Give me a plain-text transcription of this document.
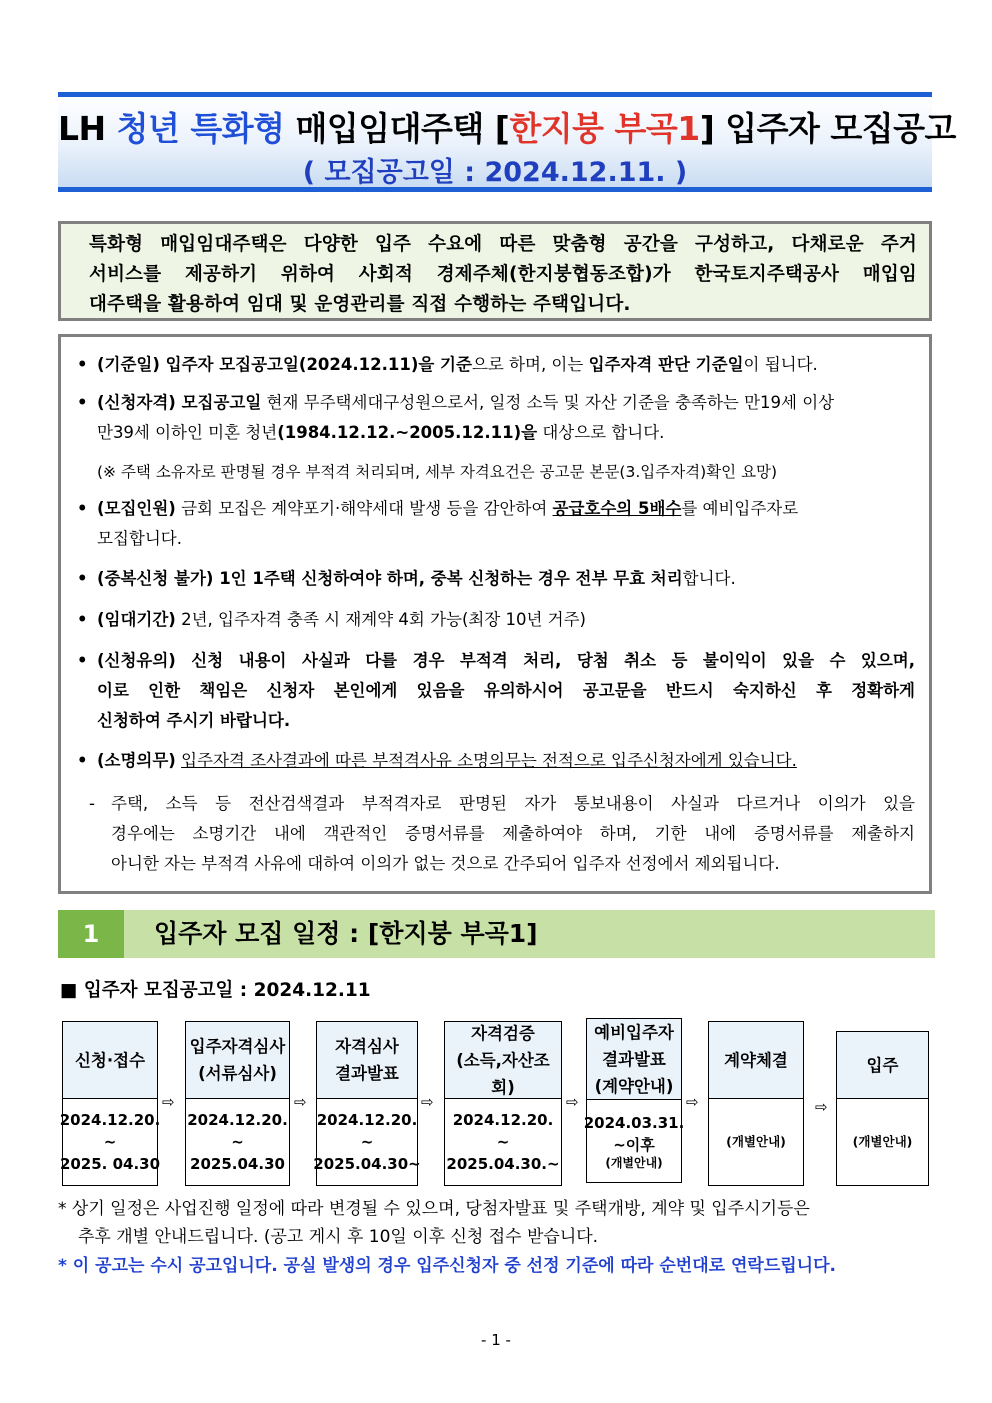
LH 청년 특화형 매입임대주택 [한지붕 부곡1] 입주자 모집공고
( 모집공고일 : 2024.12.11. )
특화형 매입임대주택은 다양한 입주 수요에 따른 맞춤형 공간을 구성하고, 다채로운 주거
서비스를 제공하기 위하여 사회적 경제주체(한지붕협동조합)가 한국토지주택공사 매입임
대주택을 활용하여 임대 및 운영관리를 직접 수행하는 주택입니다.
• (기준일) 입주자 모집공고일(2024.12.11)을 기준으로 하며, 이는 입주자격 판단 기준일이 됩니다.
• (신청자격) 모집공고일 현재 무주택세대구성원으로서, 일정 소득 및 자산 기준을 충족하는 만19세 이상
만39세 이하인 미혼 청년(1984.12.12.~2005.12.11)을 대상으로 합니다.
(※ 주택 소유자로 판명될 경우 부적격 처리되며, 세부 자격요건은 공고문 본문(3.입주자격)확인 요망)
• (모집인원) 금회 모집은 계약포기·해약세대 발생 등을 감안하여 공급호수의 5배수를 예비입주자로
모집합니다.
• (중복신청 불가) 1인 1주택 신청하여야 하며, 중복 신청하는 경우 전부 무효 처리합니다.
• (임대기간) 2년, 입주자격 충족 시 재계약 4회 가능(최장 10년 거주)
• (신청유의) 신청 내용이 사실과 다를 경우 부적격 처리, 당첨 취소 등 불이익이 있을 수 있으며,
이로 인한 책임은 신청자 본인에게 있음을 유의하시어 공고문을 반드시 숙지하신 후 정확하게
신청하여 주시기 바랍니다.
• (소명의무) 입주자격 조사결과에 따른 부적격사유 소명의무는 전적으로 입주신청자에게 있습니다.
- 주택, 소득 등 전산검색결과 부적격자로 판명된 자가 통보내용이 사실과 다르거나 이의가 있을
경우에는 소명기간 내에 객관적인 증명서류를 제출하여야 하며, 기한 내에 증명서류를 제출하지
아니한 자는 부적격 사유에 대하여 이의가 없는 것으로 간주되어 입주자 선정에서 제외됩니다.
1	입주자 모집 일정 : [한지붕 부곡1]
■ 입주자 모집공고일 : 2024.12.11
신청·접수
2024.12.20.
~
2025. 04.30
⇨
입주자격심사
(서류심사)
2024.12.20.
~
2025.04.30
⇨
자격심사
결과발표
2024.12.20.
~
2025.04.30~
⇨
자격검증
(소득,자산조회)
2024.12.20.
~
2025.04.30.~
⇨
예비입주자
결과발표
(계약안내)
2024.03.31.
~이후
(개별안내)
⇨
계약체결
(개별안내)
⇨
입주
(개별안내)
* 상기 일정은 사업진행 일정에 따라 변경될 수 있으며, 당첨자발표 및 주택개방, 계약 및 입주시기등은
추후 개별 안내드립니다. (공고 게시 후 10일 이후 신청 접수 받습니다.
* 이 공고는 수시 공고입니다. 공실 발생의 경우 입주신청자 중 선정 기준에 따라 순번대로 연락드립니다.
- 1 -
